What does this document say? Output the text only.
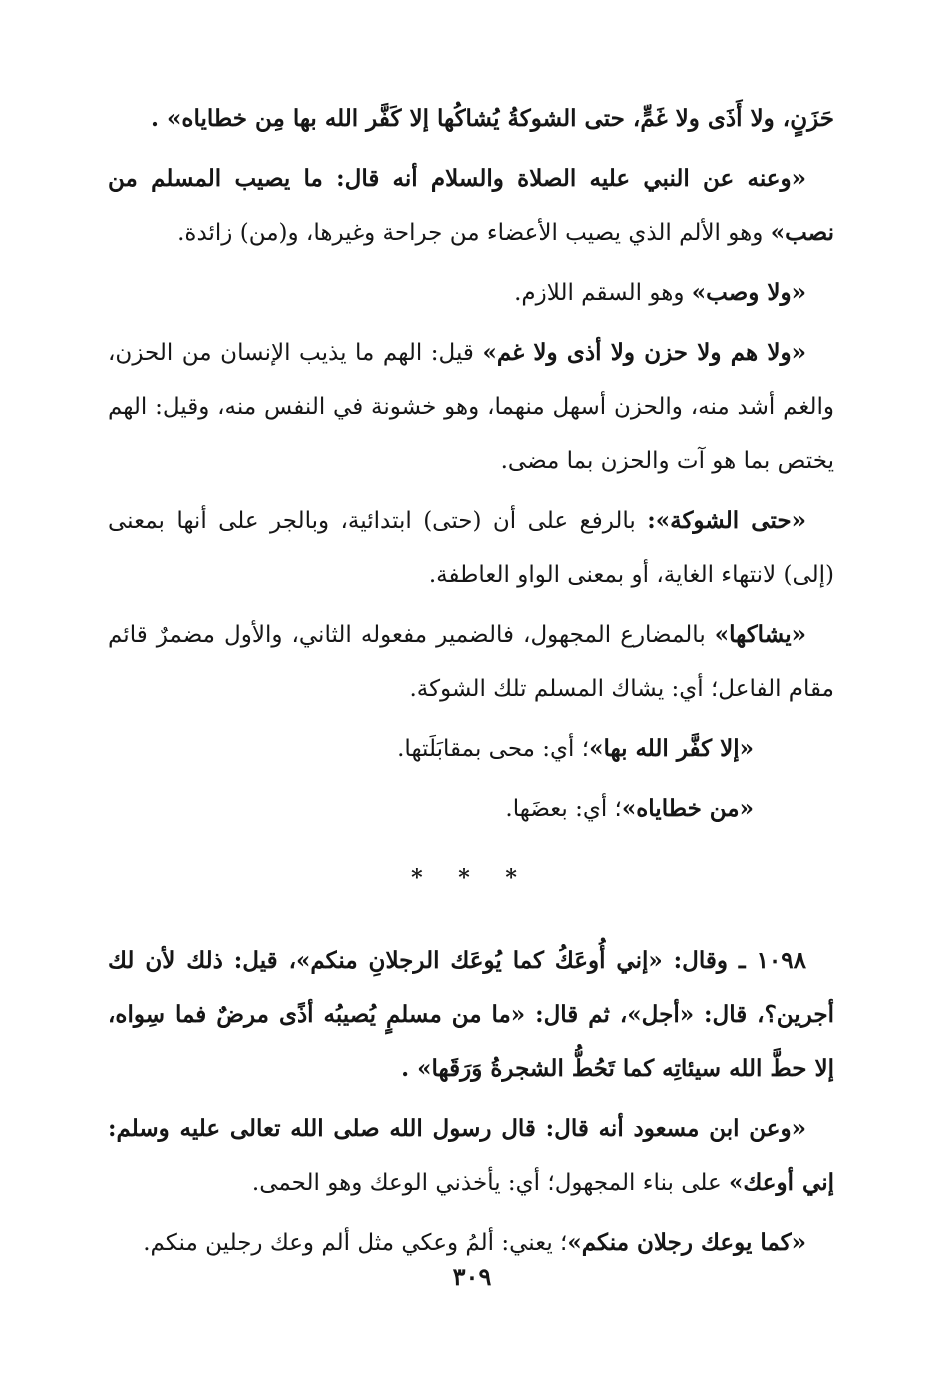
حَزَنٍ، ولا أَذَى ولا غَمٍّ، حتى الشوكةُ يُشاكُها إلا كَفَّر الله بها مِن خطاياه» .

«وعنه عن النبي عليه الصلاة والسلام أنه قال: ما يصيب المسلم من نصب» وهو الألم الذي يصيب الأعضاء من جراحة وغيرها، و(من) زائدة.

«ولا وصب» وهو السقم اللازم.

«ولا هم ولا حزن ولا أذى ولا غم» قيل: الهم ما يذيب الإنسان من الحزن، والغم أشد منه، والحزن أسهل منهما، وهو خشونة في النفس منه، وقيل: الهم يختص بما هو آت والحزن بما مضى.

«حتى الشوكة»: بالرفع على أن (حتى) ابتدائية، وبالجر على أنها بمعنى (إلى) لانتهاء الغاية، أو بمعنى الواو العاطفة.

«يشاكها» بالمضارع المجهول، فالضمير مفعوله الثاني، والأول مضمرٌ قائم مقام الفاعل؛ أي: يشاك المسلم تلك الشوكة.

«إلا كفَّر الله بها»؛ أي: محى بمقابَلَتها.

«من خطاياه»؛ أي: بعضَها.

* * *

١٠٩٨ ـ وقال: «إني أُوعَكُ كما يُوعَك الرجلانِ منكم»، قيل: ذلك لأن لك أجرين؟، قال: «أجل»، ثم قال: «ما من مسلمٍ يُصيبُه أذًى مرضٌ فما سِواه، إلا حطَّ الله سيئاتِه كما تَحُطُّ الشجرةُ وَرَقَها» .

«وعن ابن مسعود أنه قال: قال رسول الله صلى الله تعالى عليه وسلم: إني أوعك» على بناء المجهول؛ أي: يأخذني الوعك وهو الحمى.

«كما يوعك رجلان منكم»؛ يعني: ألمُ وعكي مثل ألم وعك رجلين منكم.

٣٠٩
